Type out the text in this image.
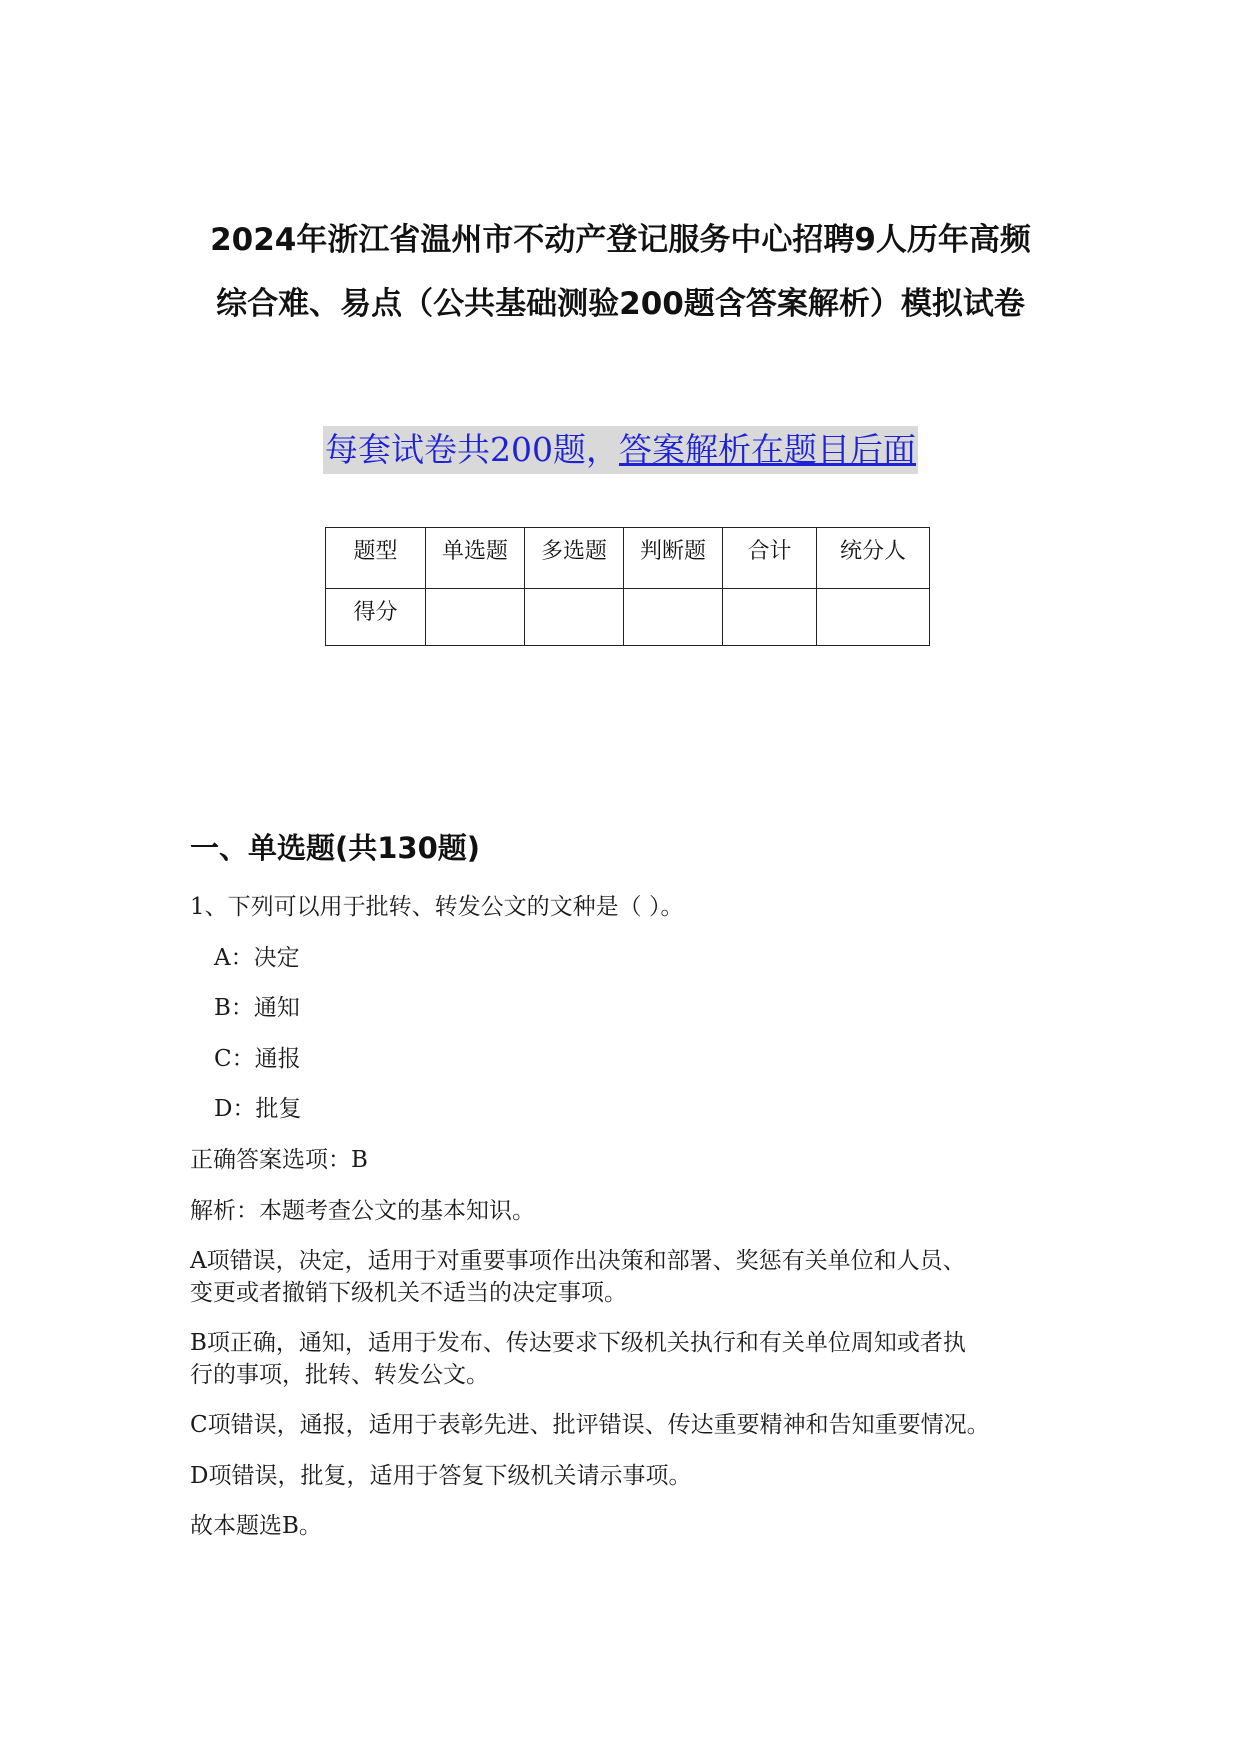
2024年浙江省温州市不动产登记服务中心招聘9人历年高频
综合难、易点（公共基础测验200题含答案解析）模拟试卷
每套试卷共200题，答案解析在题目后面
题型	单选题	多选题	判断题	合计	统分人
得分					
一、单选题(共130题)

1、下列可以用于批转、转发公文的文种是（ ）。

A：决定

B：通知

C：通报

D：批复

正确答案选项：B

解析：本题考查公文的基本知识。

A项错误，决定，适用于对重要事项作出决策和部署、奖惩有关单位和人员、

变更或者撤销下级机关不适当的决定事项。

B项正确，通知，适用于发布、传达要求下级机关执行和有关单位周知或者执

行的事项，批转、转发公文。

C项错误，通报，适用于表彰先进、批评错误、传达重要精神和告知重要情况。

D项错误，批复，适用于答复下级机关请示事项。

故本题选B。
